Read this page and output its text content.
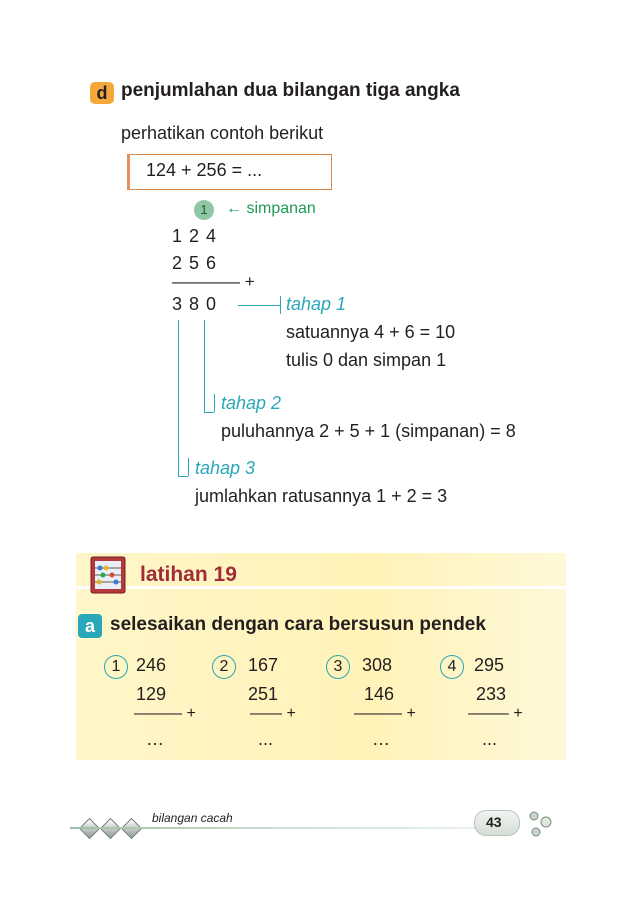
d penjumlahan dua bilangan tiga angka
perhatikan contoh berikut
124 + 256 = ...
1	← simpanan
1 2 4
2 5 6
———— +
3 8 0	tahap 1
satuannya 4 + 6 = 10
tulis 0 dan simpan 1
tahap 2
puluhannya 2 + 5 + 1 (simpanan) = 8
tahap 3
jumlahkan ratusannya 1 + 2 = 3
latihan 19
a selesaikan dengan cara bersusun pendek
1 246
129
——— +
…
2	167
251
—— +
...
3	308
146
——— +
…
4 295
233
——– +
...
bilangan cacah	43
